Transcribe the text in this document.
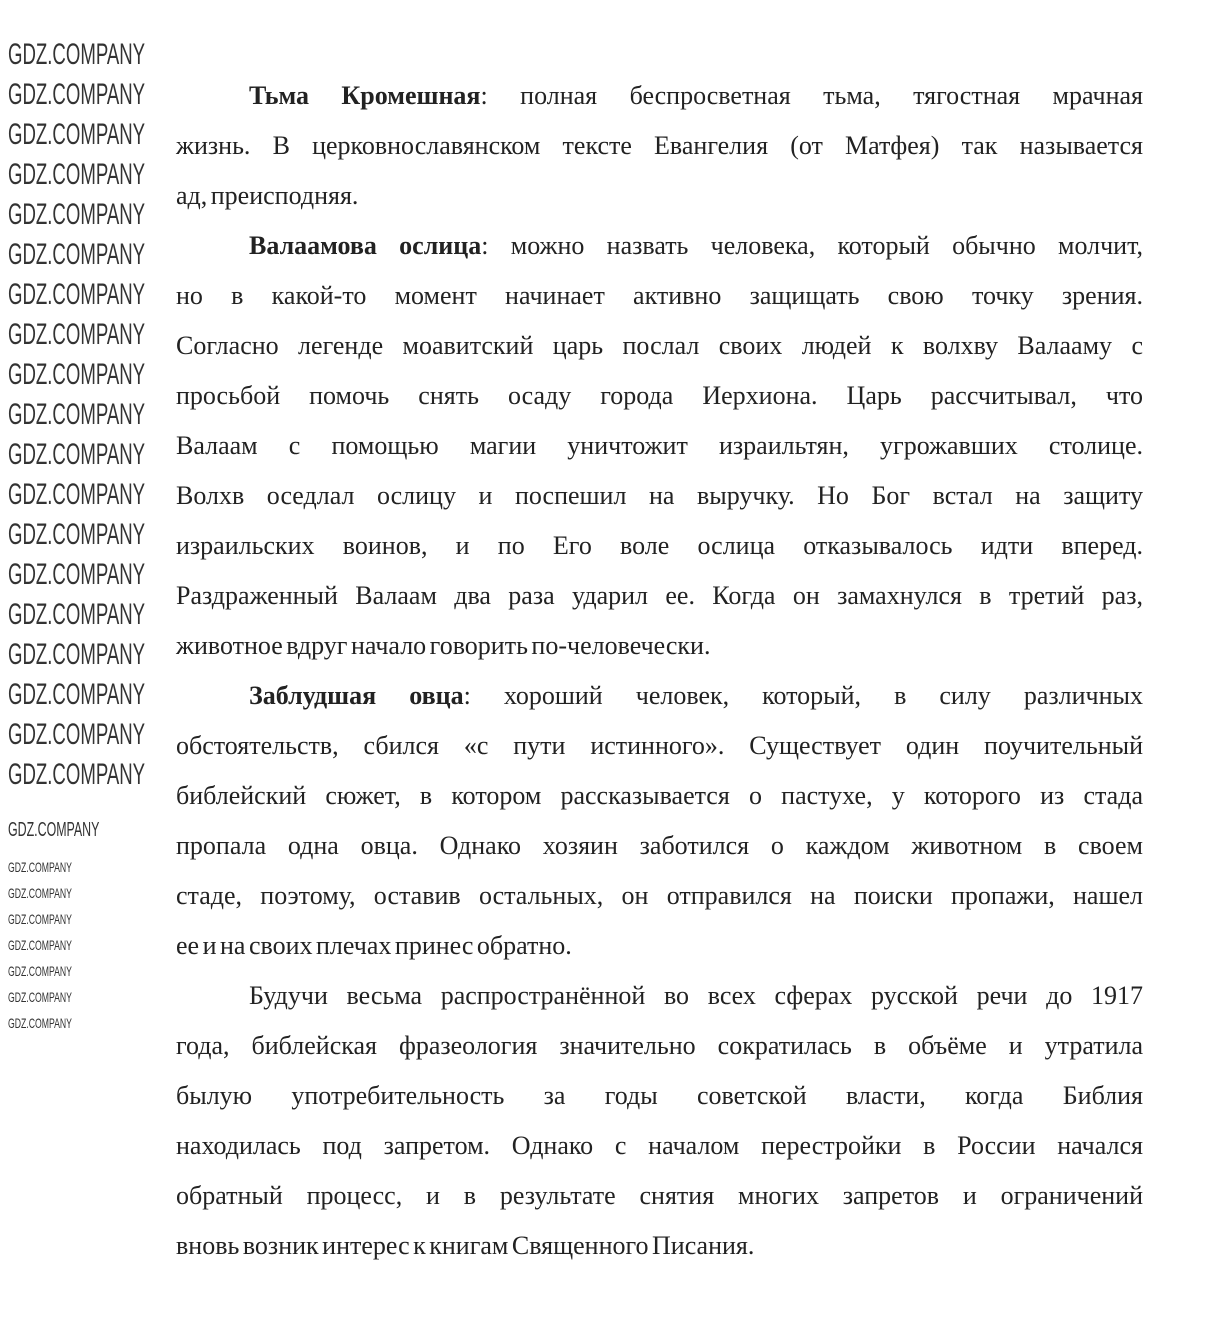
Тьма Кромешная: полная беспросветная тьма, тягостная мрачная
жизнь. В церковнославянском тексте Евангелия (от Матфея) так называется
ад, преисподняя.
Валаамова ослица: можно назвать человека, который обычно молчит,
но в какой-то момент начинает активно защищать свою точку зрения.
Согласно легенде моавитский царь послал своих людей к волхву Валааму с
просьбой помочь снять осаду города Иерхиона. Царь рассчитывал, что
Валаам с помощью магии уничтожит израильтян, угрожавших столице.
Волхв оседлал ослицу и поспешил на выручку. Но Бог встал на защиту
израильских воинов, и по Его воле ослица отказывалось идти вперед.
Раздраженный Валаам два раза ударил ее. Когда он замахнулся в третий раз,
животное вдруг начало говорить по-человечески.
Заблудшая овца: хороший человек, который, в силу различных
обстоятельств, сбился «с пути истинного». Существует один поучительный
библейский сюжет, в котором рассказывается о пастухе, у которого из стада
пропала одна овца. Однако хозяин заботился о каждом животном в своем
стаде, поэтому, оставив остальных, он отправился на поиски пропажи, нашел
ее и на своих плечах принес обратно.
Будучи весьма распространённой во всех сферах русской речи до 1917
года, библейская фразеология значительно сократилась в объёме и утратила
былую употребительность за годы советской власти, когда Библия
находилась под запретом. Однако с началом перестройки в России начался
обратный процесс, и в результате снятия многих запретов и ограничений
вновь возник интерес к книгам Священного Писания.
GDZ.COMPANY
GDZ.COMPANY
GDZ.COMPANY
GDZ.COMPANY
GDZ.COMPANY
GDZ.COMPANY
GDZ.COMPANY
GDZ.COMPANY
GDZ.COMPANY
GDZ.COMPANY
GDZ.COMPANY
GDZ.COMPANY
GDZ.COMPANY
GDZ.COMPANY
GDZ.COMPANY
GDZ.COMPANY
GDZ.COMPANY
GDZ.COMPANY
GDZ.COMPANY
GDZ.COMPANY
GDZ.COMPANY
GDZ.COMPANY
GDZ.COMPANY
GDZ.COMPANY
GDZ.COMPANY
GDZ.COMPANY
GDZ.COMPANY
